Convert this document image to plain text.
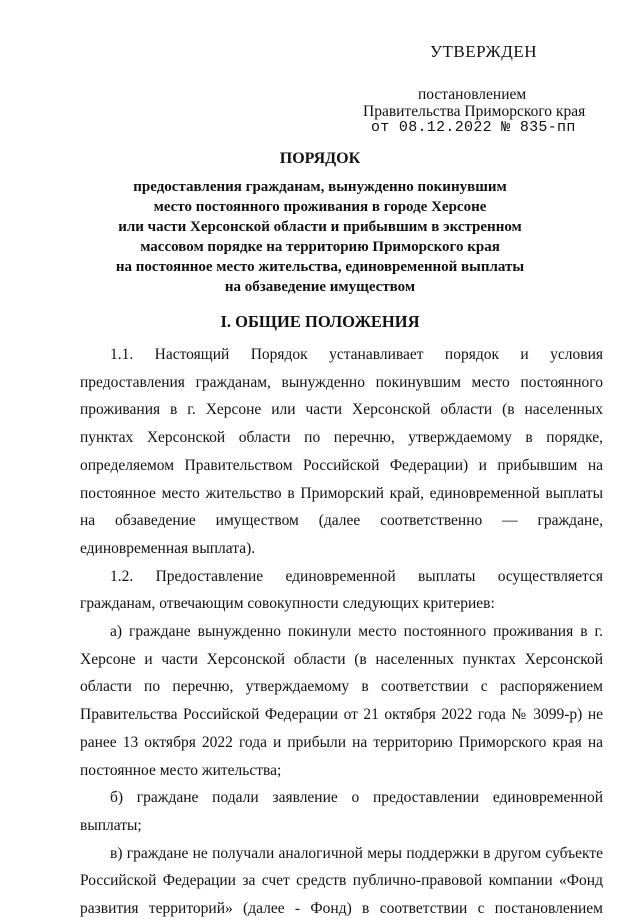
УТВЕРЖДЕН
постановлением
Правительства Приморского края
от 08.12.2022 № 835-пп
ПОРЯДОК
предоставления гражданам, вынужденно покинувшим
место постоянного проживания в городе Херсоне
или части Херсонской области и прибывшим в экстренном
массовом порядке на территорию Приморского края
на постоянное место жительства, единовременной выплаты
на обзаведение имуществом
I. ОБЩИЕ ПОЛОЖЕНИЯ

1.1. Настоящий Порядок устанавливает порядок и условия предоставления гражданам, вынужденно покинувшим место постоянного проживания в г. Херсоне или части Херсонской области (в населенных пунктах Херсонской области по перечню, утверждаемому в порядке, определяемом Правительством Российской Федерации) и прибывшим на постоянное место жительство в Приморский край, единовременной выплаты на обзаведение имуществом (далее соответственно — граждане, единовременная выплата).

1.2. Предоставление единовременной выплаты осуществляется гражданам, отвечающим совокупности следующих критериев:

а) граждане вынужденно покинули место постоянного проживания в г. Херсоне и части Херсонской области (в населенных пунктах Херсонской области по перечню, утверждаемому в соответствии с распоряжением Правительства Российской Федерации от 21 октября 2022 года № 3099-р) не ранее 13 октября 2022 года и прибыли на территорию Приморского края на постоянное место жительства;

б) граждане подали заявление о предоставлении единовременной выплаты;

в) граждане не получали аналогичной меры поддержки в другом субъекте Российской Федерации за счет средств публично-правовой компании «Фонд развития территорий» (далее - Фонд) в соответствии с постановлением
